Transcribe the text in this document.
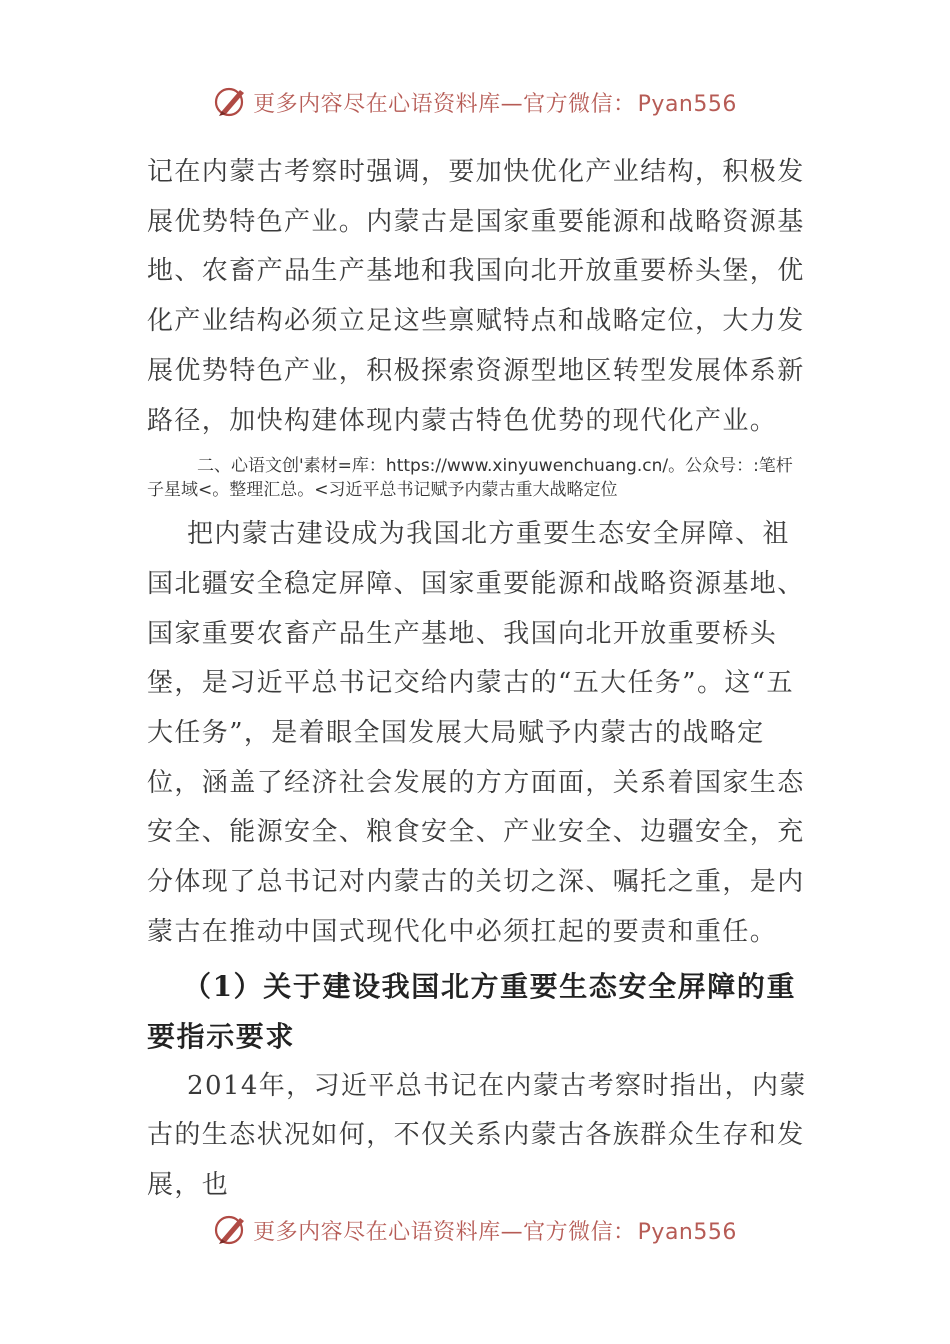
更多内容尽在心语资料库—官方微信：Pyan556

记在内蒙古考察时强调，要加快优化产业结构，积极发展优势特色产业。内蒙古是国家重要能源和战略资源基地、农畜产品生产基地和我国向北开放重要桥头堡，优化产业结构必须立足这些禀赋特点和战略定位，大力发展优势特色产业，积极探索资源型地区转型发展体系新路径，加快构建体现内蒙古特色优势的现代化产业。

二、心语文创'素材=库：https://www.xinyuwenchuang.cn/。公众号：:笔杆子星域<。整理汇总。<习近平总书记赋予内蒙古重大战略定位

把内蒙古建设成为我国北方重要生态安全屏障、祖国北疆安全稳定屏障、国家重要能源和战略资源基地、国家重要农畜产品生产基地、我国向北开放重要桥头堡，是习近平总书记交给内蒙古的“五大任务”。这“五大任务”，是着眼全国发展大局赋予内蒙古的战略定位，涵盖了经济社会发展的方方面面，关系着国家生态安全、能源安全、粮食安全、产业安全、边疆安全，充分体现了总书记对内蒙古的关切之深、嘱托之重，是内蒙古在推动中国式现代化中必须扛起的要责和重任。

（1）关于建设我国北方重要生态安全屏障的重要指示要求

2014年，习近平总书记在内蒙古考察时指出，内蒙古的生态状况如何，不仅关系内蒙古各族群众生存和发展，也

更多内容尽在心语资料库—官方微信：Pyan556
